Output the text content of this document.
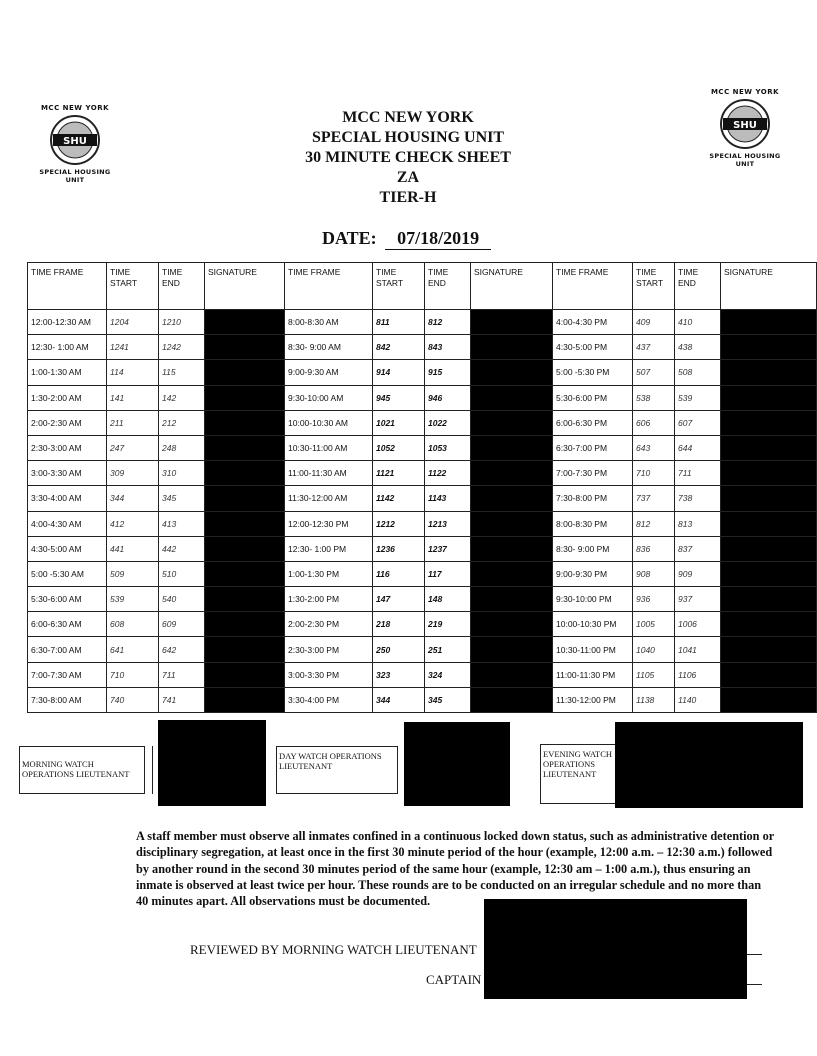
MCC NEW YORK
SHU
SPECIAL HOUSING UNIT
MCC NEW YORK
SHU
SPECIAL HOUSING UNIT
MCC NEW YORK
SPECIAL HOUSING UNIT
30 MINUTE CHECK SHEET
ZA
TIER-H
DATE: 07/18/2019
TIME FRAME	TIME START	TIME END	SIGNATURE	TIME FRAME	TIME START	TIME END	SIGNATURE	TIME FRAME	TIME START	TIME END	SIGNATURE
12:00-12:30 AM	1204	1210		8:00-8:30 AM	811	812		4:00-4:30 PM	409	410	
12:30- 1:00 AM	1241	1242		8:30- 9:00 AM	842	843		4:30-5:00 PM	437	438	
1:00-1:30 AM	114	115		9:00-9:30 AM	914	915		5:00 -5:30 PM	507	508	
1:30-2:00 AM	141	142		9:30-10:00 AM	945	946		5:30-6:00 PM	538	539	
2:00-2:30 AM	211	212		10:00-10:30 AM	1021	1022		6:00-6:30 PM	606	607	
2:30-3:00 AM	247	248		10:30-11:00 AM	1052	1053		6:30-7:00 PM	643	644	
3:00-3:30 AM	309	310		11:00-11:30 AM	1121	1122		7:00-7:30 PM	710	711	
3:30-4:00 AM	344	345		11:30-12:00 AM	1142	1143		7:30-8:00 PM	737	738	
4:00-4:30 AM	412	413		12:00-12:30 PM	1212	1213		8:00-8:30 PM	812	813	
4:30-5:00 AM	441	442		12:30- 1:00 PM	1236	1237		8:30- 9:00 PM	836	837	
5:00 -5:30 AM	509	510		1:00-1:30 PM	116	117		9:00-9:30 PM	908	909	
5:30-6:00 AM	539	540		1:30-2:00 PM	147	148		9:30-10:00 PM	936	937	
6:00-6:30 AM	608	609		2:00-2:30 PM	218	219		10:00-10:30 PM	1005	1006	
6:30-7:00 AM	641	642		2:30-3:00 PM	250	251		10:30-11:00 PM	1040	1041	
7:00-7:30 AM	710	711		3:00-3:30 PM	323	324		11:00-11:30 PM	1105	1106	
7:30-8:00 AM	740	741		3:30-4:00 PM	344	345		11:30-12:00 PM	1138	1140	
MORNING WATCH OPERATIONS LIEUTENANT
DAY WATCH OPERATIONS LIEUTENANT
EVENING WATCH OPERATIONS LIEUTENANT
A staff member must observe all inmates confined in a continuous locked down status, such as administrative detention or disciplinary segregation, at least once in the first 30 minute period of the hour (example, 12:00 a.m. – 12:30 a.m.) followed by another round in the second 30 minutes period of the same hour (example, 12:30 am – 1:00 a.m.), thus ensuring an inmate is observed at least twice per hour. These rounds are to be conducted on an irregular schedule and no more than 40 minutes apart. All observations must be documented.
REVIEWED BY MORNING WATCH LIEUTENANT
CAPTAIN
